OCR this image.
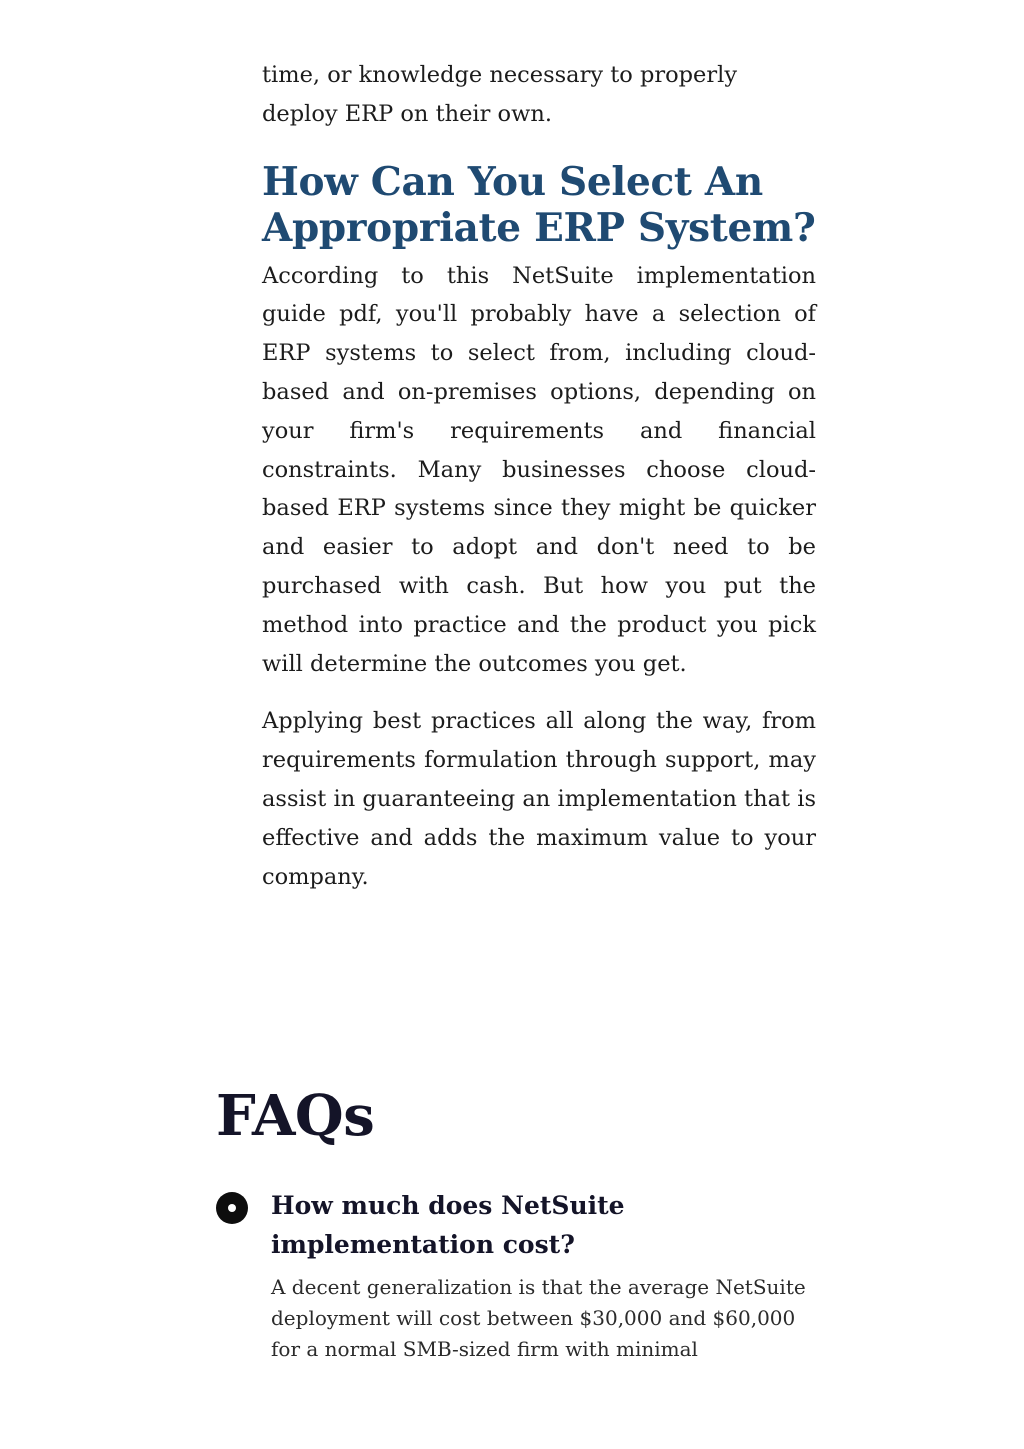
time, or knowledge necessary to properly deploy ERP on their own.

How Can You Select An Appropriate ERP System?

According to this NetSuite implementation guide pdf, you'll probably have a selection of ERP systems to select from, including cloud-based and on-premises options, depending on your firm's requirements and financial constraints. Many businesses choose cloud-based ERP systems since they might be quicker and easier to adopt and don't need to be purchased with cash. But how you put the method into practice and the product you pick will determine the outcomes you get.

Applying best practices all along the way, from requirements formulation through support, may assist in guaranteeing an implementation that is effective and adds the maximum value to your company.

FAQs
How much does NetSuite implementation cost?

A decent generalization is that the average NetSuite deployment will cost between $30,000 and $60,000 for a normal SMB-sized firm with minimal
